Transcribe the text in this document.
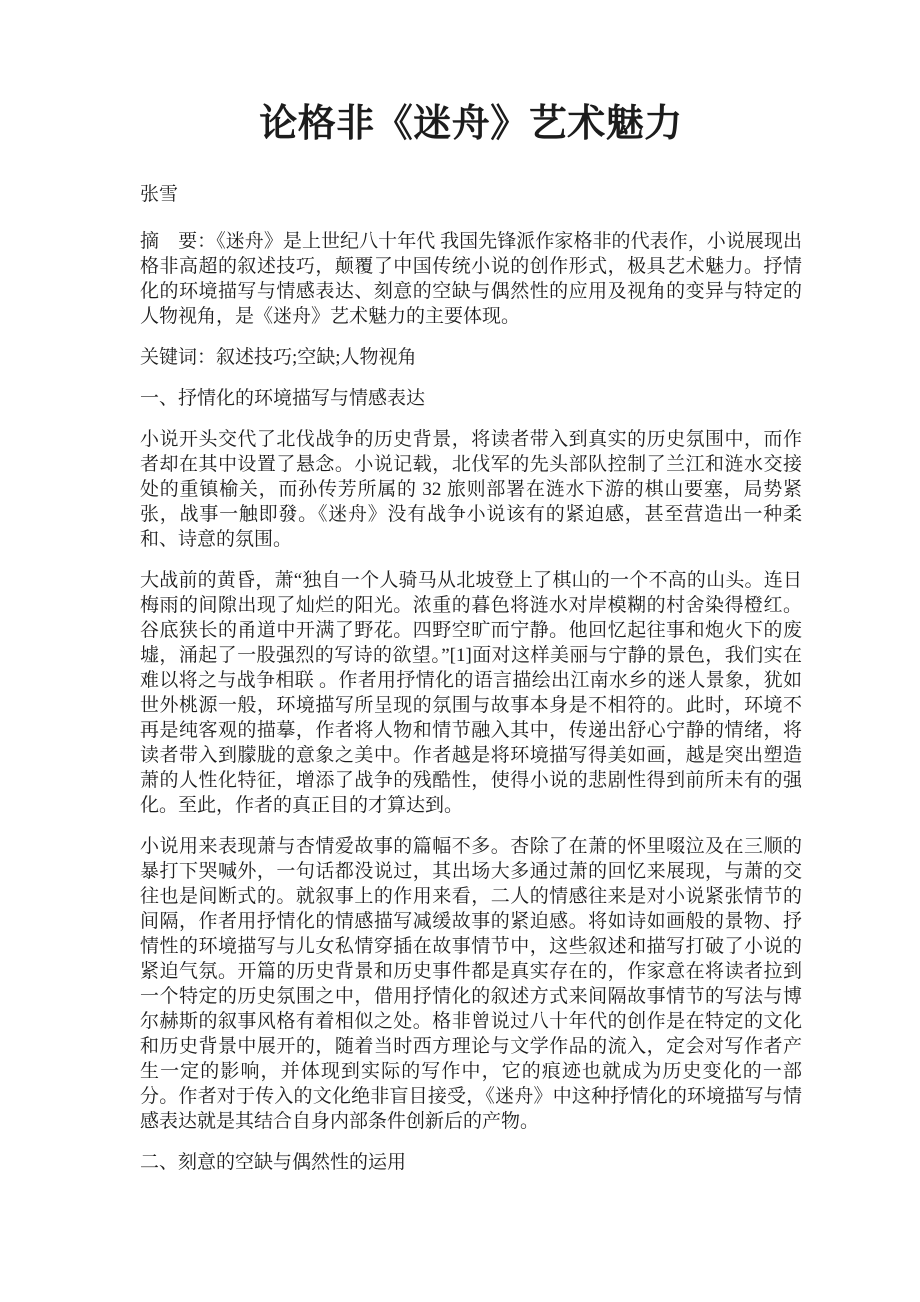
论格非《迷舟》艺术魅力

张雪

摘　要：《迷舟》是上世纪八十年代 我国先锋派作家格非的代表作，小说展现出格非高超的叙述技巧，颠覆了中国传统小说的创作形式，极具艺术魅力。抒情化的环境描写与情感表达、刻意的空缺与偶然性的应用及视角的变异与特定的人物视角，是《迷舟》艺术魅力的主要体现。

关键词：叙述技巧;空缺;人物视角

一、抒情化的环境描写与情感表达

小说开头交代了北伐战争的历史背景，将读者带入到真实的历史氛围中，而作者却在其中设置了悬念。小说记载，北伐军的先头部队控制了兰江和涟水交接处的重镇榆关，而孙传芳所属的 32 旅则部署在涟水下游的棋山要塞，局势紧张，战事一触即發。《迷舟》没有战争小说该有的紧迫感，甚至营造出一种柔和、诗意的氛围。

大战前的黄昏，萧“独自一个人骑马从北坡登上了棋山的一个不高的山头。连日梅雨的间隙出现了灿烂的阳光。浓重的暮色将涟水对岸模糊的村舍染得橙红。谷底狭长的甬道中开满了野花。四野空旷而宁静。他回忆起往事和炮火下的废墟，涌起了一股强烈的写诗的欲望。”[1]面对这样美丽与宁静的景色，我们实在难以将之与战争相联 。作者用抒情化的语言描绘出江南水乡的迷人景象，犹如世外桃源一般，环境描写所呈现的氛围与故事本身是不相符的。此时，环境不再是纯客观的描摹，作者将人物和情节融入其中，传递出舒心宁静的情绪，将读者带入到朦胧的意象之美中。作者越是将环境描写得美如画，越是突出塑造萧的人性化特征，增添了战争的残酷性，使得小说的悲剧性得到前所未有的强化。至此，作者的真正目的才算达到。

小说用来表现萧与杏情爱故事的篇幅不多。杏除了在萧的怀里啜泣及在三顺的暴打下哭喊外，一句话都没说过，其出场大多通过萧的回忆来展现，与萧的交往也是间断式的。就叙事上的作用来看，二人的情感往来是对小说紧张情节的间隔，作者用抒情化的情感描写减缓故事的紧迫感。将如诗如画般的景物、抒情性的环境描写与儿女私情穿插在故事情节中，这些叙述和描写打破了小说的紧迫气氛。开篇的历史背景和历史事件都是真实存在的，作家意在将读者拉到一个特定的历史氛围之中，借用抒情化的叙述方式来间隔故事情节的写法与博尔赫斯的叙事风格有着相似之处。格非曾说过八十年代的创作是在特定的文化和历史背景中展开的，随着当时西方理论与文学作品的流入，定会对写作者产生一定的影响，并体现到实际的写作中，它的痕迹也就成为历史变化的一部分。作者对于传入的文化绝非盲目接受，《迷舟》中这种抒情化的环境描写与情感表达就是其结合自身内部条件创新后的产物。

二、刻意的空缺与偶然性的运用
